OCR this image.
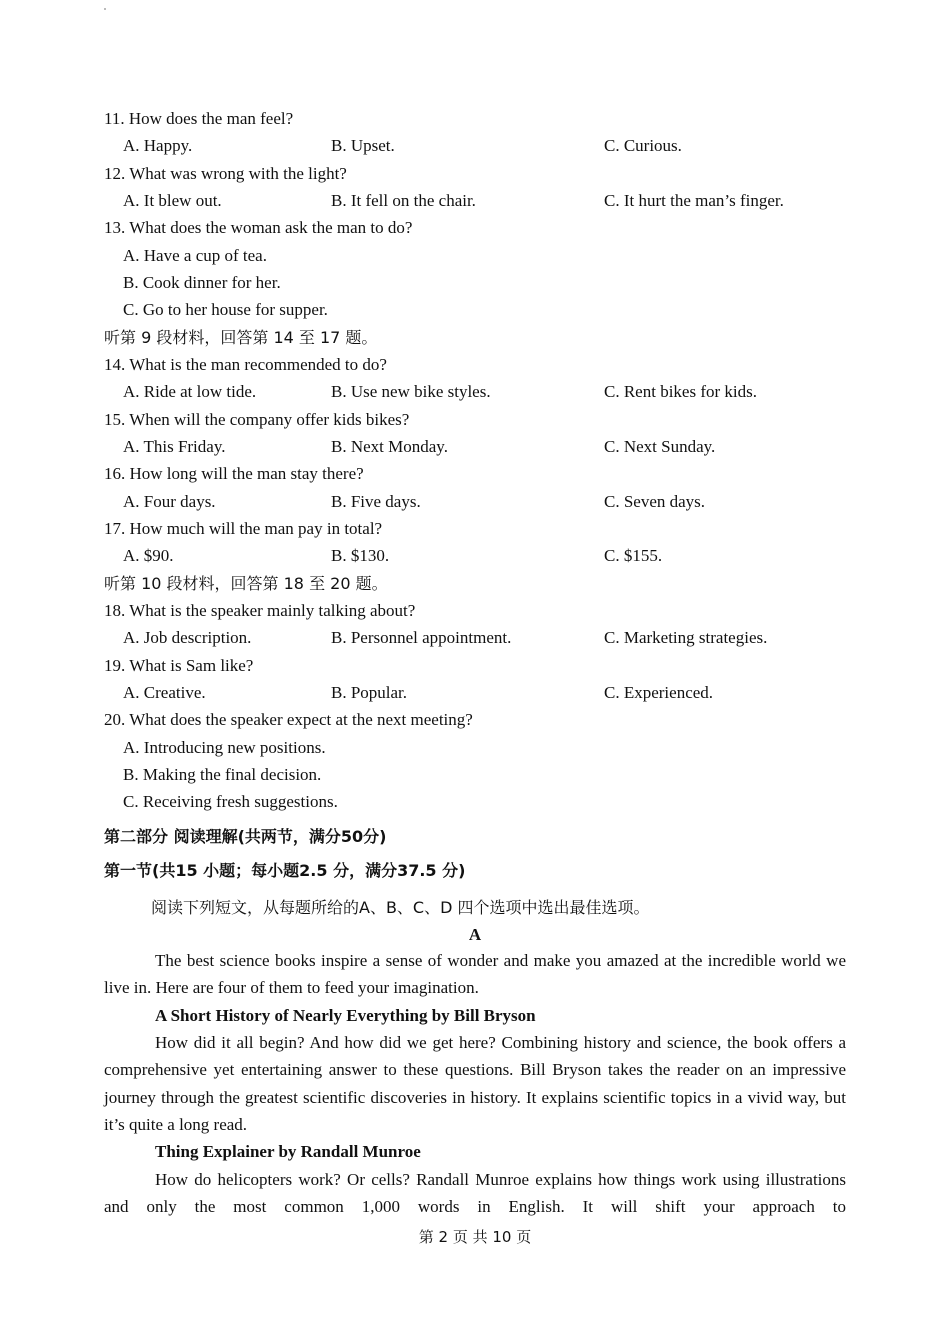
11. How does the man feel?
A. Happy.	B. Upset.	C. Curious.
12. What was wrong with the light?
A. It blew out.	B. It fell on the chair.	C. It hurt the man’s finger.
13. What does the woman ask the man to do?
A. Have a cup of tea.
B. Cook dinner for her.
C. Go to her house for supper.
听第 9 段材料，回答第 14 至 17 题。
14. What is the man recommended to do?
A. Ride at low tide.	B. Use new bike styles.	C. Rent bikes for kids.
15. When will the company offer kids bikes?
A. This Friday.	B. Next Monday.	C. Next Sunday.
16. How long will the man stay there?
A. Four days.	B. Five days.	C. Seven days.
17. How much will the man pay in total?
A. $90.	B. $130.	C. $155.
听第 10 段材料，回答第 18 至 20 题。
18. What is the speaker mainly talking about?
A. Job description.	B. Personnel appointment.	C. Marketing strategies.
19. What is Sam like?
A. Creative.	B. Popular.	C. Experienced.
20. What does the speaker expect at the next meeting?
A. Introducing new positions.
B. Making the final decision.
C. Receiving fresh suggestions.
第二部分 阅读理解(共两节，满分50分)
第一节(共15 小题；每小题2.5 分，满分37.5 分)
阅读下列短文，从每题所给的A、B、C、D 四个选项中选出最佳选项。
A

The best science books inspire a sense of wonder and make you amazed at the incredible world we live in. Here are four of them to feed your imagination.

A Short History of Nearly Everything by Bill Bryson

How did it all begin? And how did we get here? Combining history and science, the book offers a comprehensive yet entertaining answer to these questions. Bill Bryson takes the reader on an impressive journey through the greatest scientific discoveries in history. It explains scientific topics in a vivid way, but it’s quite a long read.

Thing Explainer by Randall Munroe

How do helicopters work? Or cells? Randall Munroe explains how things work using illustrations and only the most common 1,000 words in English. It will shift your approach to

第 2 页 共 10 页
